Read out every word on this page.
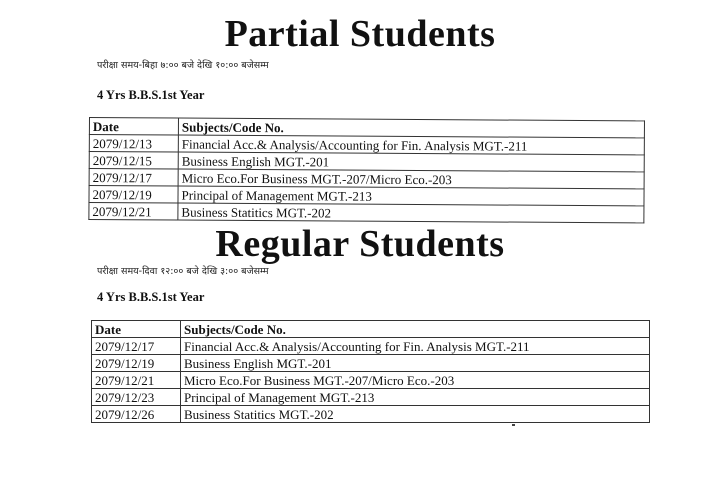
Partial Students
परीक्षा समय-बिहा ७:०० बजे देखि १०:०० बजेसम्म
4 Yrs B.B.S.1st Year
Date	Subjects/Code No.
2079/12/13	Financial Acc.& Analysis/Accounting for Fin. Analysis MGT.-211
2079/12/15	Business English MGT.-201
2079/12/17	Micro Eco.For Business MGT.-207/Micro Eco.-203
2079/12/19	Principal of Management MGT.-213
2079/12/21	Business Statitics MGT.-202
Regular Students
परीक्षा समय-दिवा १२:०० बजे देखि ३:०० बजेसम्म
4 Yrs B.B.S.1st Year
Date	Subjects/Code No.
2079/12/17	Financial Acc.& Analysis/Accounting for Fin. Analysis MGT.-211
2079/12/19	Business English MGT.-201
2079/12/21	Micro Eco.For Business MGT.-207/Micro Eco.-203
2079/12/23	Principal of Management MGT.-213
2079/12/26	Business Statitics MGT.-202
